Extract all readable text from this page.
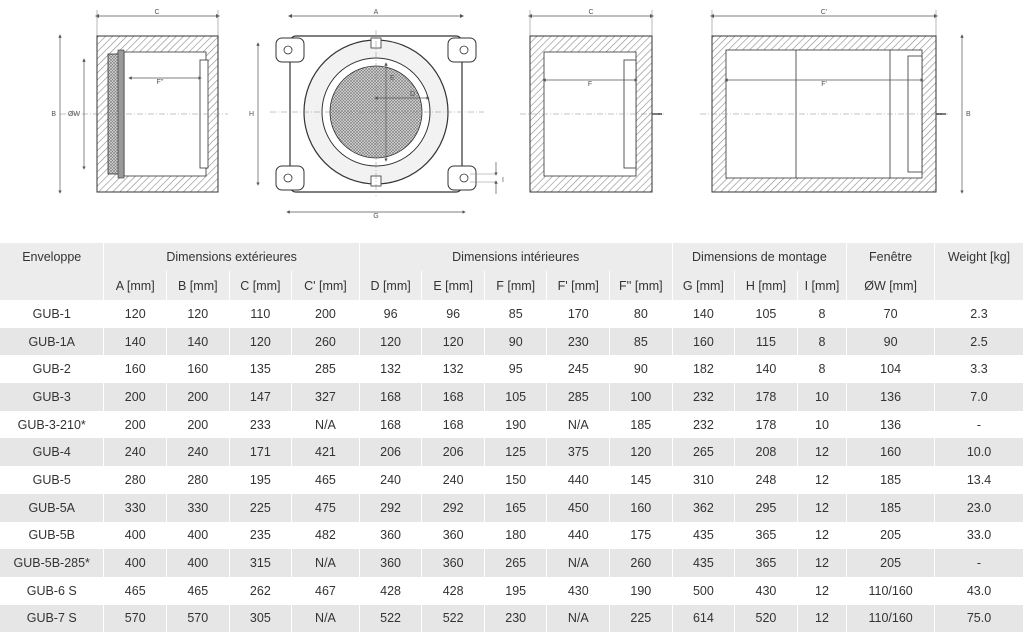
C
F''
B ØW
A
E
D
H
G
I
C
F
C'
F'
B
Enveloppe	Dimensions extérieures				Dimensions intérieures					Dimensions de montage			Fenêtre	Weight [kg]
	A [mm]	B [mm]	C [mm]	C' [mm]	D [mm]	E [mm]	F [mm]	F' [mm]	F'' [mm]	G [mm]	H [mm]	I [mm]	ØW [mm]	
GUB-1	120	120	110	200	96	96	85	170	80	140	105	8	70	2.3
GUB-1A	140	140	120	260	120	120	90	230	85	160	115	8	90	2.5
GUB-2	160	160	135	285	132	132	95	245	90	182	140	8	104	3.3
GUB-3	200	200	147	327	168	168	105	285	100	232	178	10	136	7.0
GUB-3-210*	200	200	233	N/A	168	168	190	N/A	185	232	178	10	136	-
GUB-4	240	240	171	421	206	206	125	375	120	265	208	12	160	10.0
GUB-5	280	280	195	465	240	240	150	440	145	310	248	12	185	13.4
GUB-5A	330	330	225	475	292	292	165	450	160	362	295	12	185	23.0
GUB-5B	400	400	235	482	360	360	180	440	175	435	365	12	205	33.0
GUB-5B-285*	400	400	315	N/A	360	360	265	N/A	260	435	365	12	205	-
GUB-6 S	465	465	262	467	428	428	195	430	190	500	430	12	110/160	43.0
GUB-7 S	570	570	305	N/A	522	522	230	N/A	225	614	520	12	110/160	75.0
